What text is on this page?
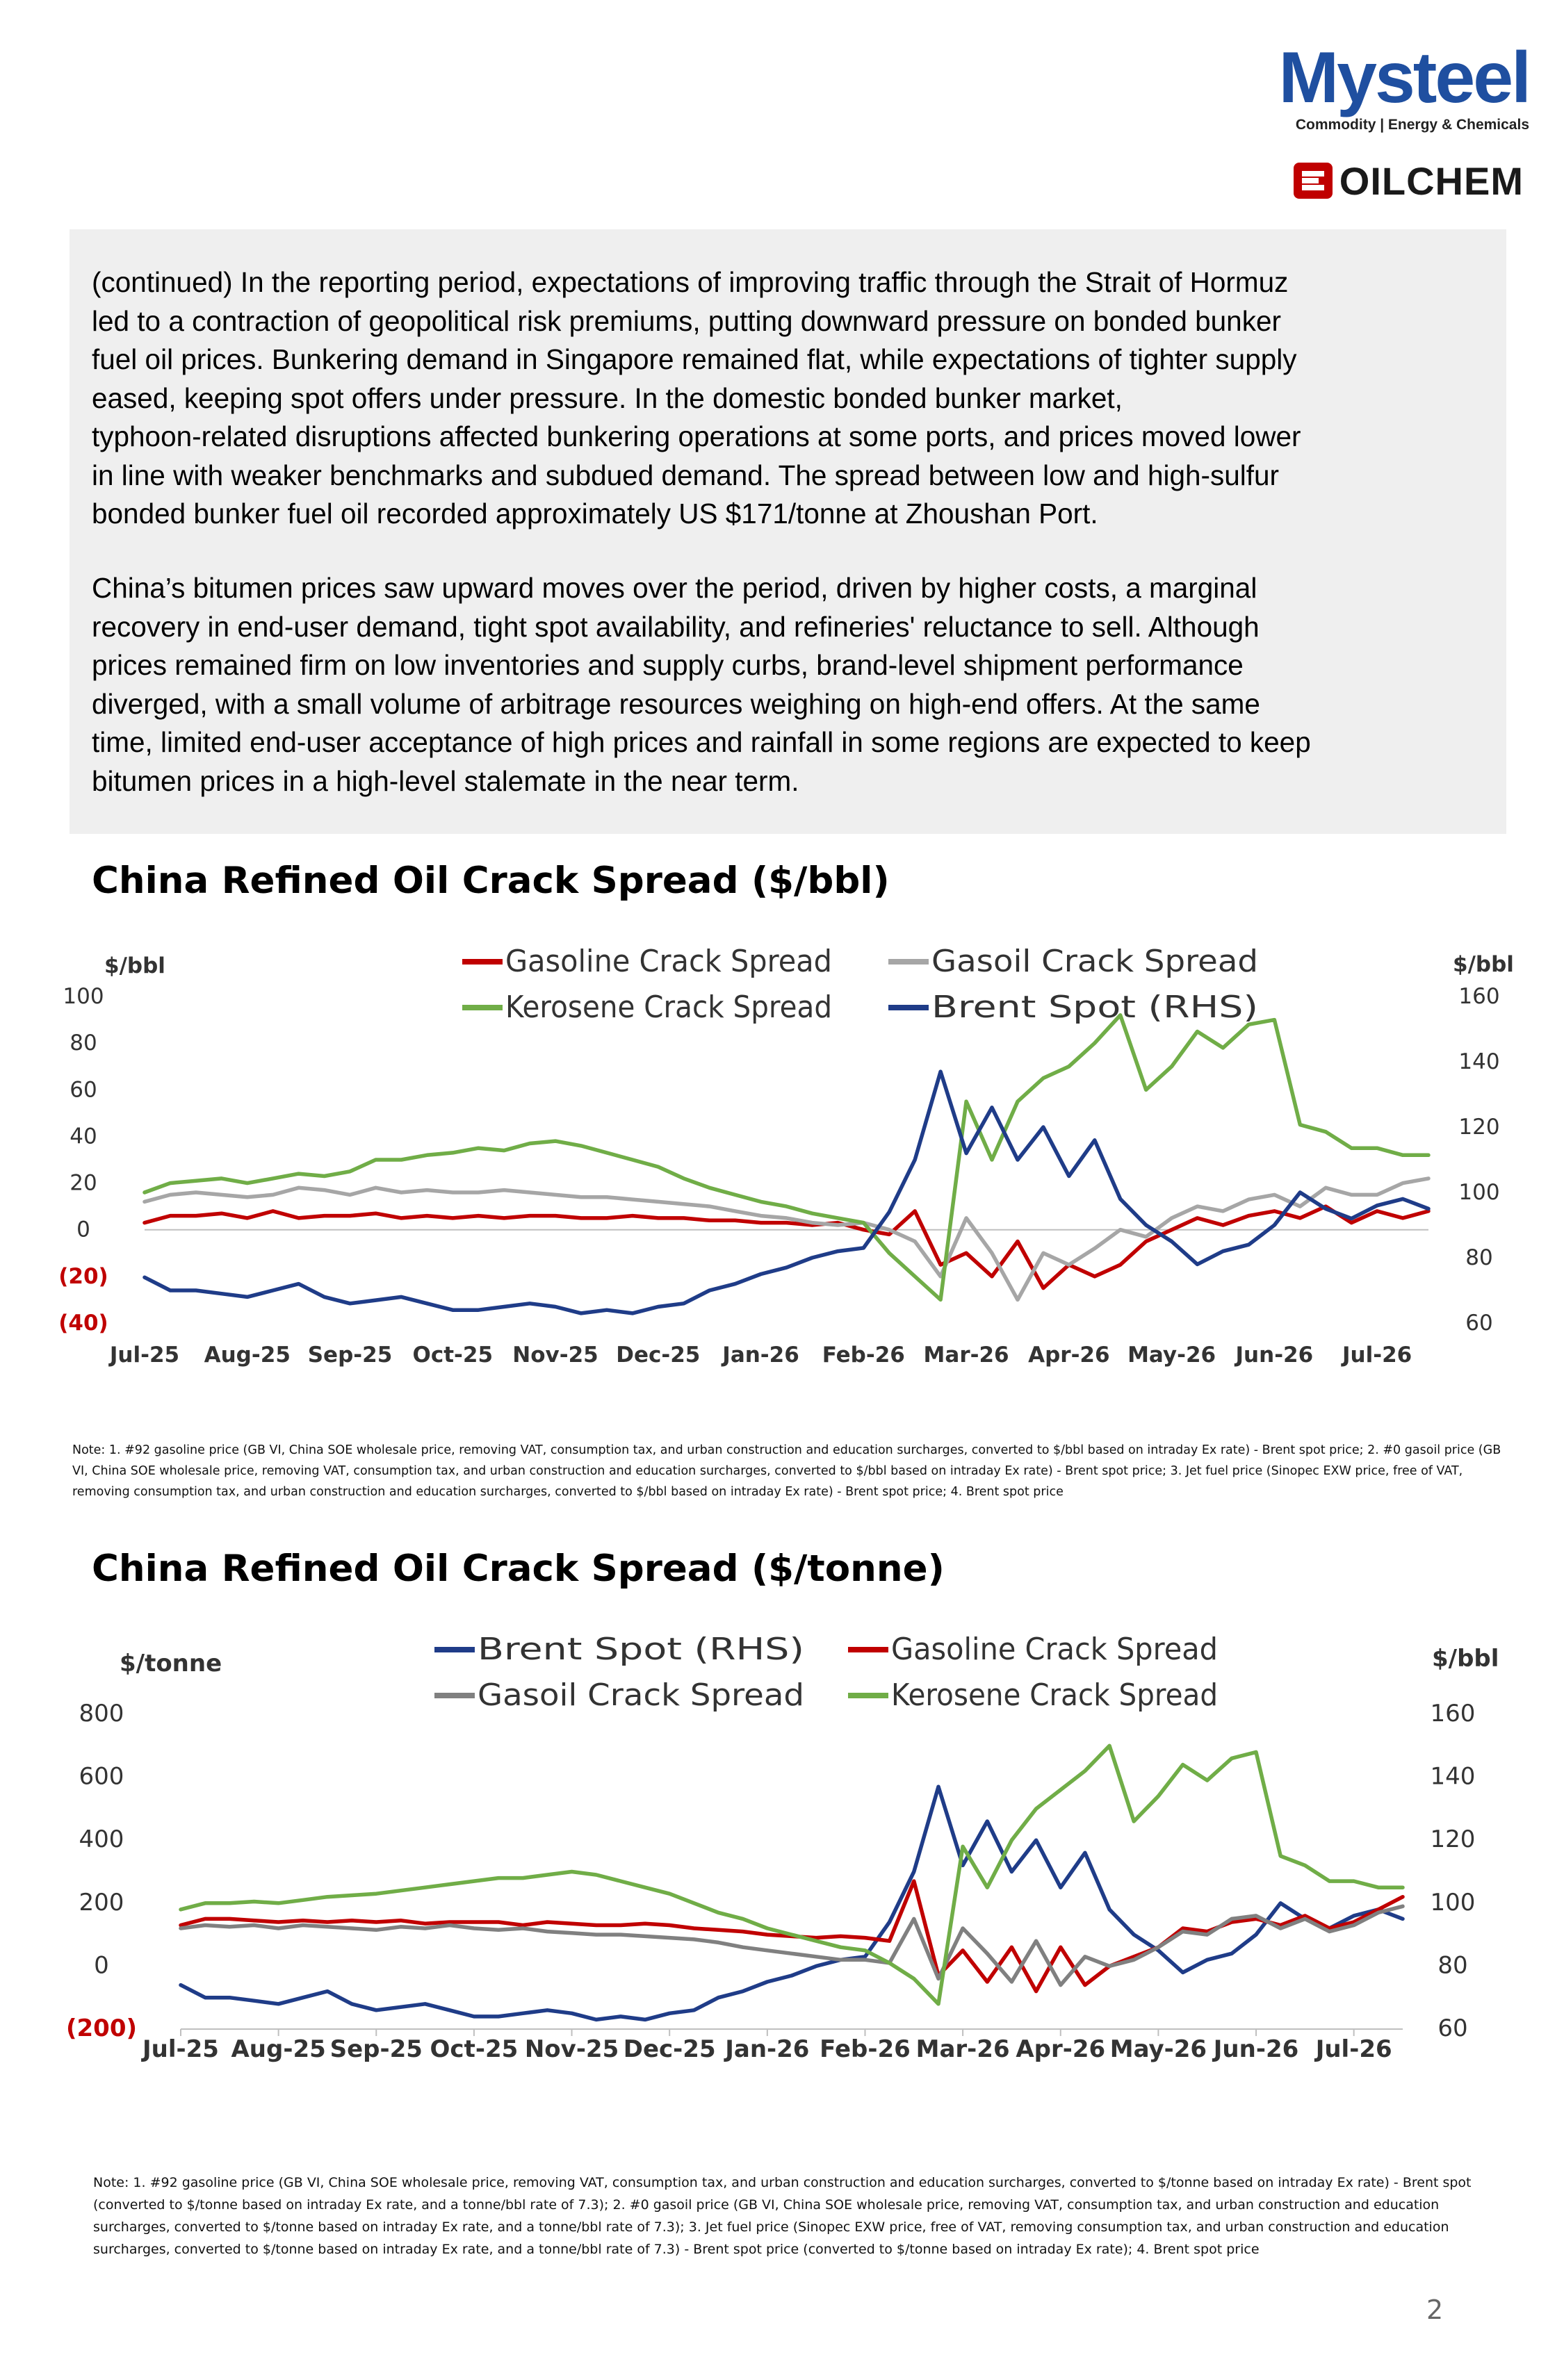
Mysteel
Commodity | Energy & Chemicals
OILCHEM

(continued) In the reporting period, expectations of improving traffic through the Strait of Hormuz
led to a contraction of geopolitical risk premiums, putting downward pressure on bonded bunker
fuel oil prices. Bunkering demand in Singapore remained flat, while expectations of tighter supply
eased, keeping spot offers under pressure. In the domestic bonded bunker market,
typhoon-related disruptions affected bunkering operations at some ports, and prices moved lower
in line with weaker benchmarks and subdued demand. The spread between low and high-sulfur
bonded bunker fuel oil recorded approximately US $171/tonne at Zhoushan Port.

China’s bitumen prices saw upward moves over the period, driven by higher costs, a marginal
recovery in end-user demand, tight spot availability, and refineries' reluctance to sell. Although
prices remained firm on low inventories and supply curbs, brand-level shipment performance
diverged, with a small volume of arbitrage resources weighing on high-end offers. At the same
time, limited end-user acceptance of high prices and rainfall in some regions are expected to keep
bitumen prices in a high-level stalemate in the near term.

China Refined Oil Crack Spread ($/bbl)
$/bbl	$/bbl
100
80
60
40
20
0
(20)
(40)
160
140
120
100
80
60
Jul-25 Aug-25 Sep-25 Oct-25 Nov-25 Dec-25 Jan-26 Feb-26 Mar-26 Apr-26 May-26 Jun-26 Jul-26
Gasoline Crack Spread	Gasoil Crack Spread
Kerosene Crack Spread	Brent Spot (RHS)

Note: 1. #92 gasoline price (GB VI, China SOE wholesale price, removing VAT, consumption tax, and urban construction and education surcharges, converted to $/bbl based on intraday Ex rate) - Brent spot price; 2. #0 gasoil price (GB VI, China SOE wholesale price, removing VAT, consumption tax, and urban construction and education surcharges, converted to $/bbl based on intraday Ex rate) - Brent spot price; 3. Jet fuel price (Sinopec EXW price, free of VAT, removing consumption tax, and urban construction and education surcharges, converted to $/bbl based on intraday Ex rate) - Brent spot price; 4. Brent spot price

China Refined Oil Crack Spread ($/tonne)
$/tonne	$/bbl
800
600
400
200
0
(200)
160
140
120
100
80
60
Jul-25 Aug-25 Sep-25 Oct-25 Nov-25 Dec-25 Jan-26 Feb-26 Mar-26 Apr-26 May-26 Jun-26 Jul-26
Brent Spot (RHS)	Gasoline Crack Spread
Gasoil Crack Spread	Kerosene Crack Spread

Note: 1. #92 gasoline price (GB VI, China SOE wholesale price, removing VAT, consumption tax, and urban construction and education surcharges, converted to $/tonne based on intraday Ex rate) - Brent spot (converted to $/tonne based on intraday Ex rate, and a tonne/bbl rate of 7.3); 2. #0 gasoil price (GB VI, China SOE wholesale price, removing VAT, consumption tax, and urban construction and education surcharges, converted to $/tonne based on intraday Ex rate, and a tonne/bbl rate of 7.3); 3. Jet fuel price (Sinopec EXW price, free of VAT, removing consumption tax, and urban construction and education surcharges, converted to $/tonne based on intraday Ex rate, and a tonne/bbl rate of 7.3) - Brent spot price (converted to $/tonne based on intraday Ex rate); 4. Brent spot price

2
